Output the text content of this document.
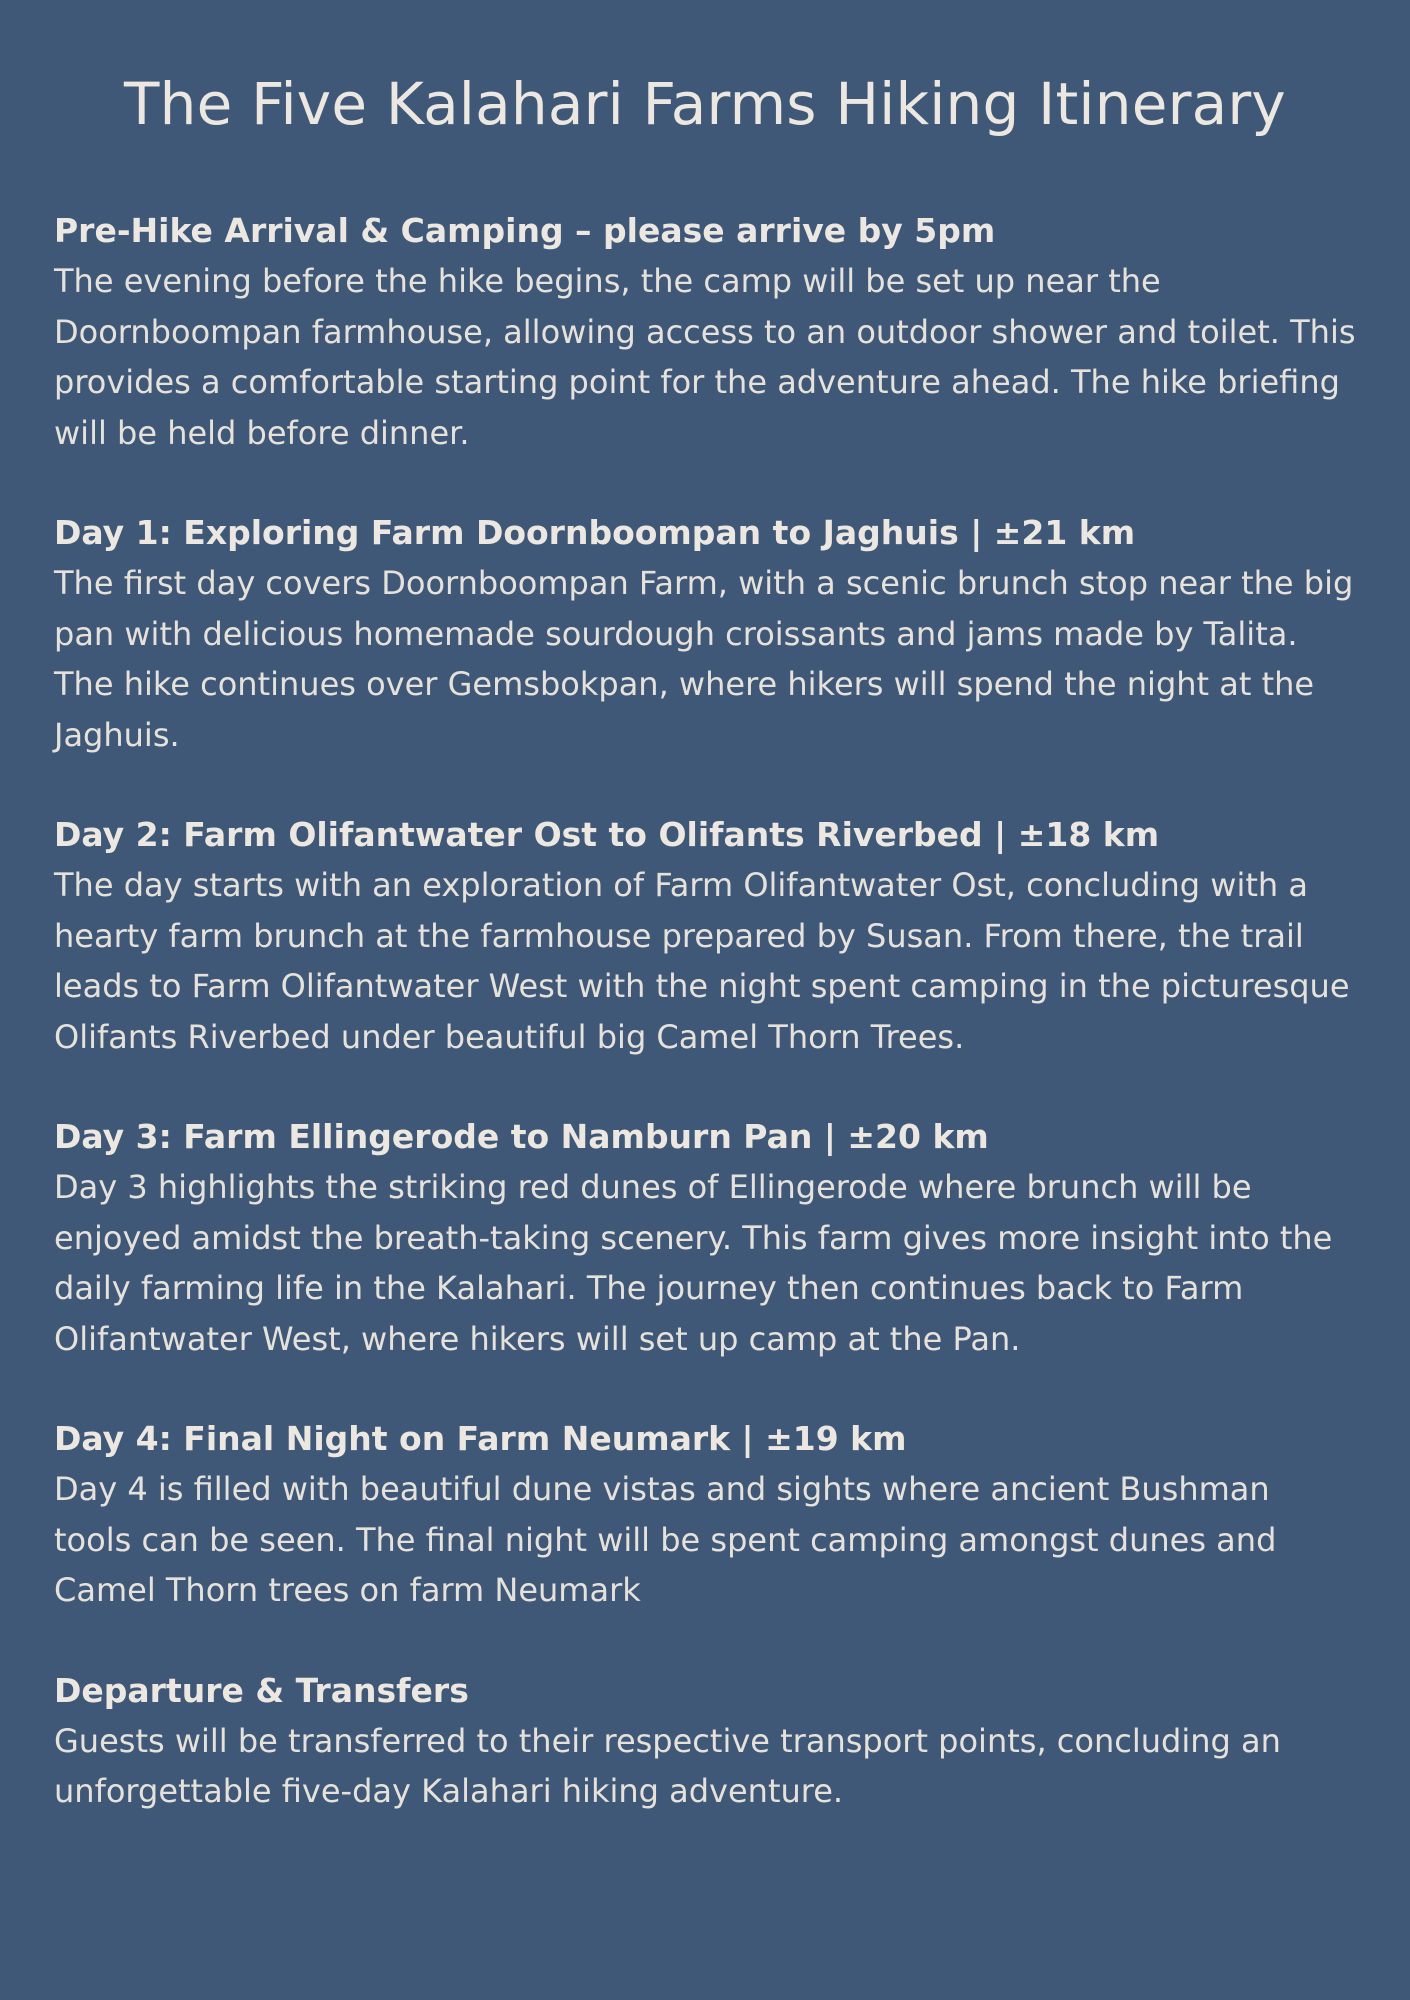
The Five Kalahari Farms Hiking Itinerary
Pre-Hike Arrival & Camping – please arrive by 5pm

The evening before the hike begins, the camp will be set up near the Doornboompan farmhouse, allowing access to an outdoor shower and toilet. This provides a comfortable starting point for the adventure ahead. The hike briefing will be held before dinner.

Day 1: Exploring Farm Doornboompan to Jaghuis | ±21 km

The first day covers Doornboompan Farm, with a scenic brunch stop near the big pan with delicious homemade sourdough croissants and jams made by Talita. The hike continues over Gemsbokpan, where hikers will spend the night at the Jaghuis.

Day 2: Farm Olifantwater Ost to Olifants Riverbed | ±18 km

The day starts with an exploration of Farm Olifantwater Ost, concluding with a hearty farm brunch at the farmhouse prepared by Susan. From there, the trail leads to Farm Olifantwater West with the night spent camping in the picturesque Olifants Riverbed under beautiful big Camel Thorn Trees.

Day 3: Farm Ellingerode to Namburn Pan | ±20 km

Day 3 highlights the striking red dunes of Ellingerode where brunch will be enjoyed amidst the breath-taking scenery. This farm gives more insight into the daily farming life in the Kalahari. The journey then continues back to Farm Olifantwater West, where hikers will set up camp at the Pan.

Day 4: Final Night on Farm Neumark | ±19 km

Day 4 is filled with beautiful dune vistas and sights where ancient Bushman tools can be seen. The final night will be spent camping amongst dunes and Camel Thorn trees on farm Neumark

Departure & Transfers

Guests will be transferred to their respective transport points, concluding an unforgettable five-day Kalahari hiking adventure.
